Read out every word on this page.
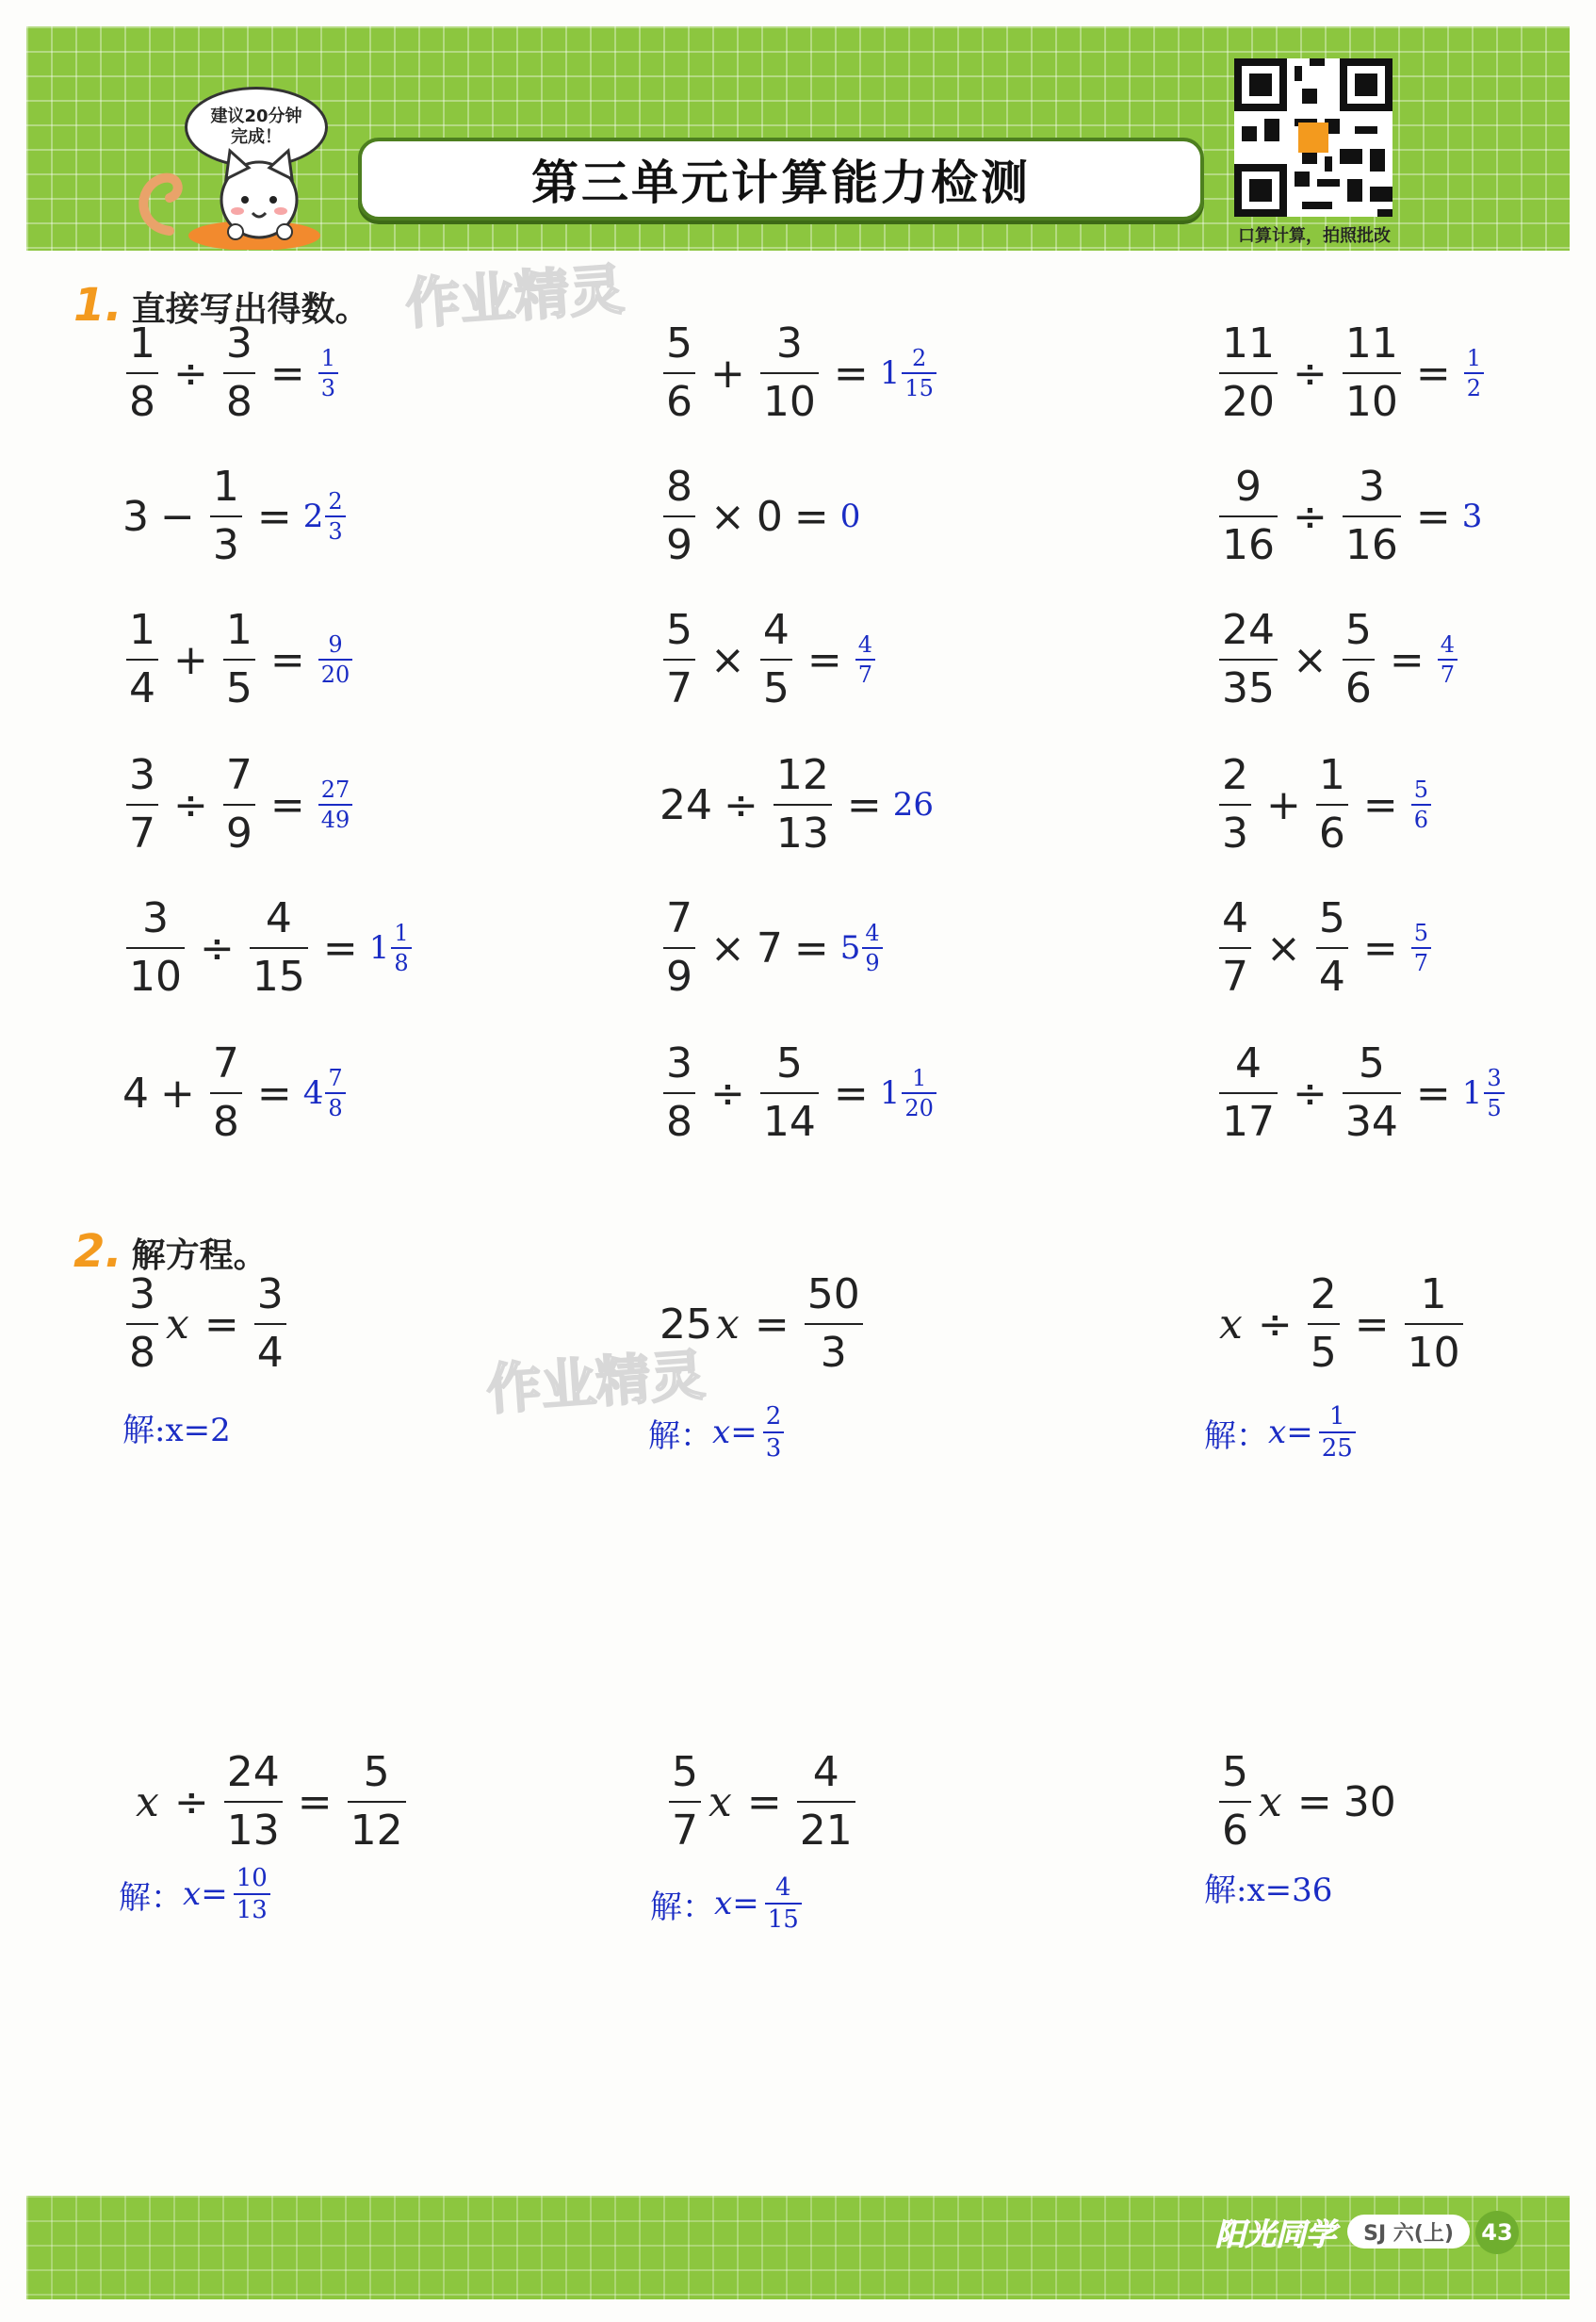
建议20分钟
完成！
第三单元计算能力检测
口算计算，拍照批改
1. 直接写出得数。 作业精灵
$\frac{1}{8} \div \frac{3}{8} = \frac{1}{3}$	$\frac{5}{6} + \frac{3}{10} = 1 \frac{2}{15}$	$\frac{11}{20} \div \frac{11}{10} = \frac{1}{2}$
$3 - \frac{1}{3} = 2 \frac{2}{3}$	$\frac{8}{9} \times 0 = 0$	$\frac{9}{16} \div \frac{3}{16} = 3$
$\frac{1}{4} + \frac{1}{5} = \frac{9}{20}$	$\frac{5}{7} \times \frac{4}{5} = \frac{4}{7}$	$\frac{24}{35} \times \frac{5}{6} = \frac{4}{7}$
$\frac{3}{7} \div \frac{7}{9} = \frac{27}{49}$	$24 \div \frac{12}{13} = 26$	$\frac{2}{3} + \frac{1}{6} = \frac{5}{6}$
$\frac{3}{10} \div \frac{4}{15} = 1 \frac{1}{8}$	$\frac{7}{9} \times 7 = 5 \frac{4}{9}$	$\frac{4}{7} \times \frac{5}{4} = \frac{5}{7}$
$4 + \frac{7}{8} = 4 \frac{7}{8}$	$\frac{3}{8} \div \frac{5}{14} = 1 \frac{1}{20}$	$\frac{4}{17} \div \frac{5}{34} = 1 \frac{3}{5}$
2. 解方程。
作业精灵
$\frac{3}{8}$ $x = \frac{3}{4}$
解:x=2
25 $x = \frac{50}{3}$
解： $x = \frac{2}{3}$
$x \div \frac{2}{5} = \frac{1}{10}$
解： $x = \frac{1}{25}$
$x \div \frac{24}{13} = \frac{5}{12}$
解： $x = \frac{10}{13}$
$\frac{5}{7}$ $x = \frac{4}{21}$
解： $x = \frac{4}{15}$
$\frac{5}{6}$ x = 30
解:x=36
阳光同学	SJ 六(上)	43
